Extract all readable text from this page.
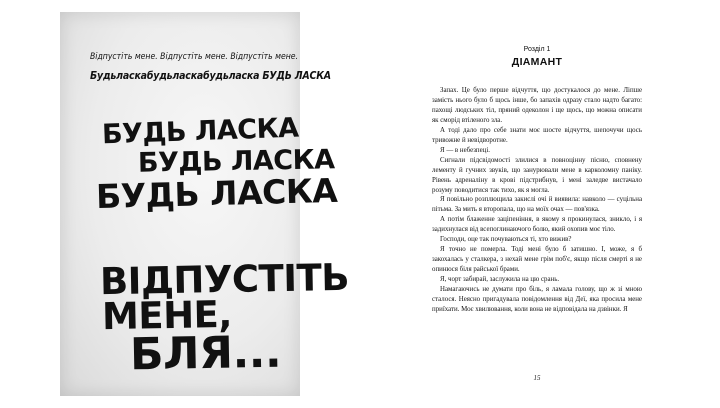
Відпустіть мене. Відпустіть мене. Відпустіть мене.
Будьласкабудьласкабудьласка БУДЬ ЛАСКА
БУДЬ ЛАСКА
БУДЬ ЛАСКА
БУДЬ ЛАСКА
ВІДПУСТІТЬ
МЕНЕ,
БЛЯ...
Розділ 1
ДІАМАНТ

Запах. Це було перше відчуття, що достукалося до мене. Ліпше замість нього було б щось інше, бо запахів одразу стало надто багато: пахощі людських тіл, пряний одеколон і ще щось, що можна описати як сморід втіленого зла.

А тоді дало про себе знати моє шосте відчуття, шепочучи щось тривожне й невідворотне.

Я — в небезпеці.

Сигнали підсвідомості злилися в повноцінну пісню, сповнену лементу й гучних звуків, що занурювали мене в карколомну паніку. Рівень адреналіну в крові підстрибнув, і мені заледве вистачало розуму поводитися так тихо, як я могла.

Я повільно розплющила закислі очі й виявила: навколо — суцільна пітьма. За мить я второпала, що на моїх очах — пов'язка.

А потім блаженне заціпеніння, в якому я прокинулася, зникло, і я задихнулася від всепоглинаючого болю, який охопив моє тіло.

Господи, оце так почуваються ті, хто вижив?

Я точно не померла. Тоді мені було б затишно. І, може, я б закохалась у сталкера, з нехай мене грім поб'є, якщо після смерті я не опинюся біля райської брами.

Я, чорт забирай, заслужила на цю срань.

Намагаючись не думати про біль, я ламала голову, що ж зі мною сталося. Неясно пригадувала повідомлення від Деї, яка просила мене приїхати. Моє хвилювання, коли вона не відповідала на дзвінки. Я

15
